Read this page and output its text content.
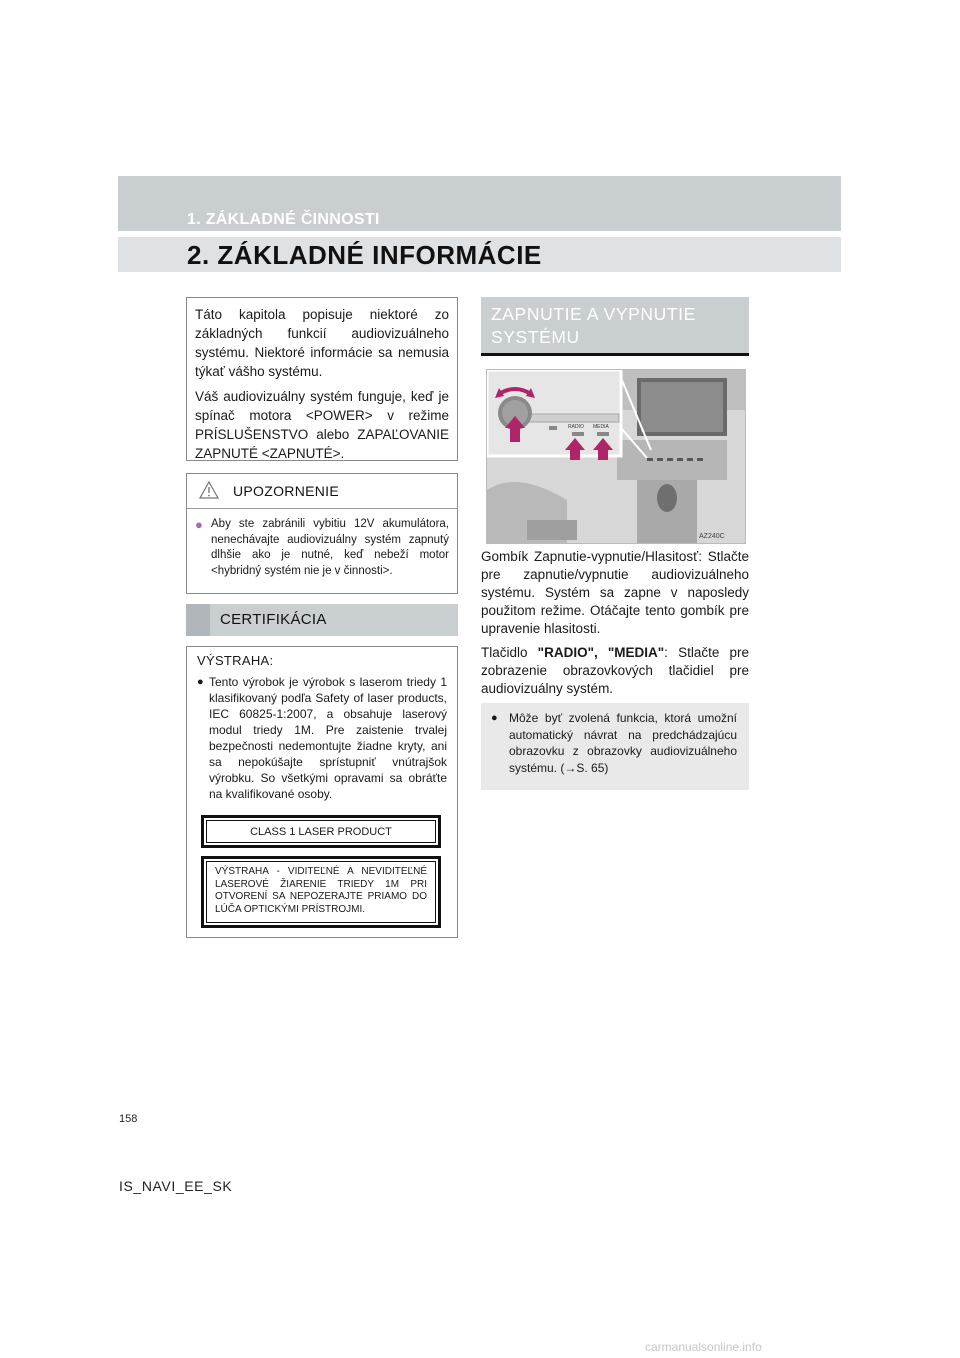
1. ZÁKLADNÉ ČINNOSTI
2. ZÁKLADNÉ INFORMÁCIE

Táto kapitola popisuje niektoré zo základných funkcií audiovizuálneho systému. Niektoré informácie sa nemusia týkať vášho systému.

Váš audiovizuálny systém funguje, keď je spínač motora <POWER> v režime PRÍSLUŠENSTVO alebo ZAPAĽOVANIE ZAPNUTÉ <ZAPNUTÉ>.

UPOZORNENIE
● Aby ste zabránili vybitiu 12V akumulátora, nenechávajte audiovizuálny systém zapnutý dlhšie ako je nutné, keď nebeží motor <hybridný systém nie je v činnosti>.
CERTIFIKÁCIA
VÝSTRAHA:
● Tento výrobok je výrobok s laserom triedy 1 klasifikovaný podľa Safety of laser products, IEC 60825-1:2007, a obsahuje laserový modul triedy 1M. Pre zaistenie trvalej bezpečnosti nedemontujte žiadne kryty, ani sa nepokúšajte sprístupniť vnútrajšok výrobku. So všetkými opravami sa obráťte na kvalifikované osoby.
CLASS 1 LASER PRODUCT
VÝSTRAHA - VIDITEĽNÉ A NEVIDITEĽNÉ LASEROVÉ ŽIARENIE TRIEDY 1M PRI OTVORENÍ SA NEPOZERAJTE PRIAMO DO LÚČA OPTICKÝMI PRÍSTROJMI.
ZAPNUTIE A VYPNUTIE
SYSTÉMU
RADIO MEDIA
AZ240C

Gombík Zapnutie-vypnutie/Hlasitosť: Stlačte pre zapnutie/vypnutie audiovizuálneho systému. Systém sa zapne v naposledy použitom režime. Otáčajte tento gombík pre upravenie hlasitosti.

Tlačidlo "RADIO", "MEDIA": Stlačte pre zobrazenie obrazovkových tlačidiel pre audiovizuálny systém.

● Môže byť zvolená funkcia, ktorá umožní automatický návrat na predchádzajúcu obrazovku z obrazovky audiovizuálneho systému. (→S. 65)
158
IS_NAVI_EE_SK
carmanualsonline.info
